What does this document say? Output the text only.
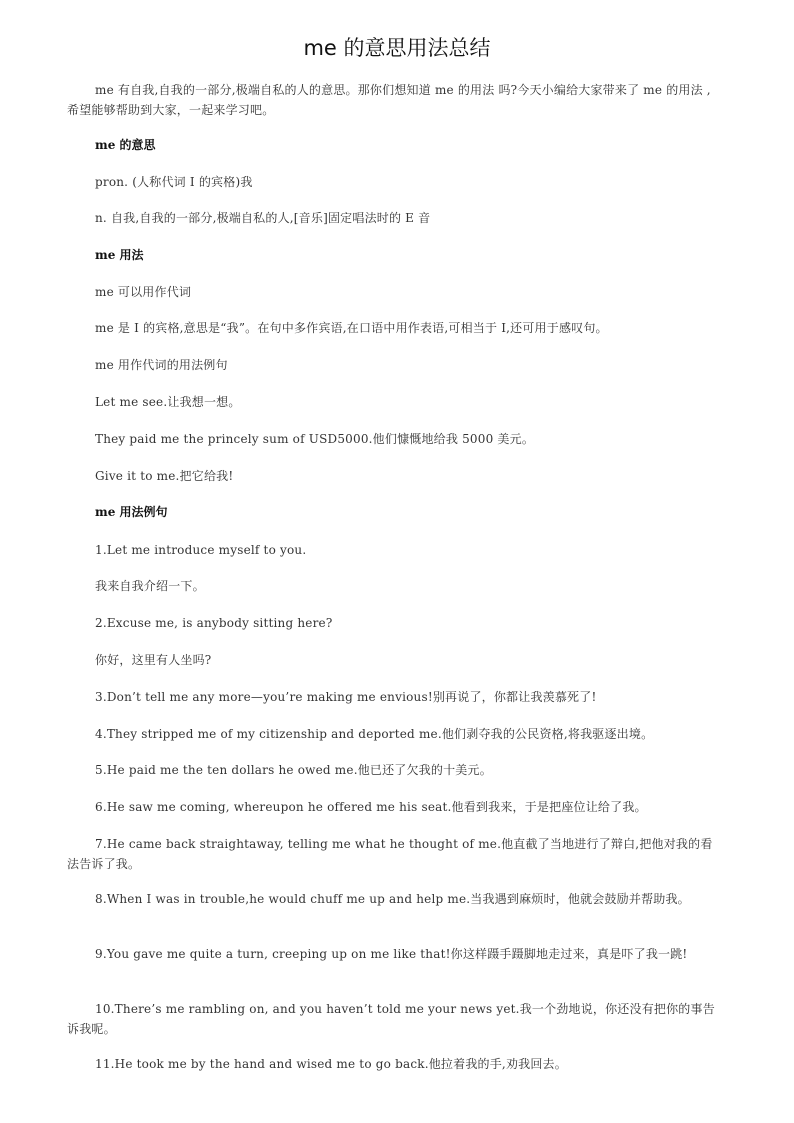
me 的意思用法总结
me 有自我,自我的一部分,极端自私的人的意思。那你们想知道 me 的用法 吗?今天小编给大家带来了 me 的用法 ,希望能够帮助到大家，一起来学习吧。
me 的意思
pron. (人称代词 I 的宾格)我
n. 自我,自我的一部分,极端自私的人,[音乐]固定唱法时的 E 音
me 用法
me 可以用作代词
me 是 I 的宾格,意思是“我”。在句中多作宾语,在口语中用作表语,可相当于 I,还可用于感叹句。
me 用作代词的用法例句
Let me see.让我想一想。
They paid me the princely sum of USD5000.他们慷慨地给我 5000 美元。
Give it to me.把它给我!
me 用法例句
1.Let me introduce myself to you.
我来自我介绍一下。
2.Excuse me, is anybody sitting here?
你好，这里有人坐吗?
3.Don’t tell me any more—you’re making me envious!别再说了，你都让我羡慕死了!
4.They stripped me of my citizenship and deported me.他们剥夺我的公民资格,将我驱逐出境。
5.He paid me the ten dollars he owed me.他已还了欠我的十美元。
6.He saw me coming, whereupon he offered me his seat.他看到我来，于是把座位让给了我。
7.He came back straightaway, telling me what he thought of me.他直截了当地进行了辩白,把他对我的看法告诉了我。
8.When I was in trouble,he would chuff me up and help me.当我遇到麻烦时，他就会鼓励并帮助我。
9.You gave me quite a turn, creeping up on me like that!你这样蹑手蹑脚地走过来，真是吓了我一跳!
10.There’s me rambling on, and you haven’t told me your news yet.我一个劲地说，你还没有把你的事告诉我呢。
11.He took me by the hand and wised me to go back.他拉着我的手,劝我回去。
